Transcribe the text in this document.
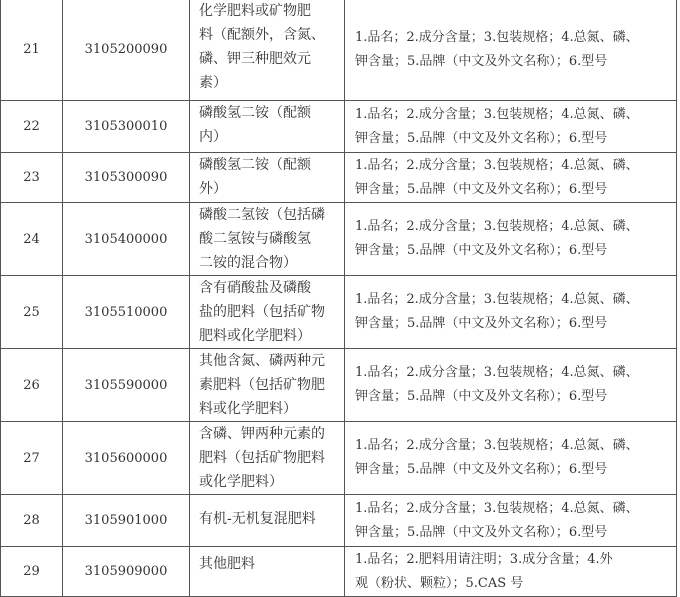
21	3105200090	化学肥料或矿物肥
料（配额外，含氮、
磷、钾三种肥效元
素）	1.品名；2.成分含量；3.包装规格；4.总氮、磷、
钾含量；5.品牌（中文及外文名称）；6.型号

22	3105300010	磷酸氢二铵（配额
内）	1.品名；2.成分含量；3.包装规格；4.总氮、磷、
钾含量；5.品牌（中文及外文名称）；6.型号

23	3105300090	磷酸氢二铵（配额
外）	1.品名；2.成分含量；3.包装规格；4.总氮、磷、
钾含量；5.品牌（中文及外文名称）；6.型号

24	3105400000	磷酸二氢铵（包括磷
酸二氢铵与磷酸氢
二铵的混合物）	1.品名；2.成分含量；3.包装规格；4.总氮、磷、
钾含量；5.品牌（中文及外文名称）；6.型号

25	3105510000	含有硝酸盐及磷酸
盐的肥料（包括矿物
肥料或化学肥料）	1.品名；2.成分含量；3.包装规格；4.总氮、磷、
钾含量；5.品牌（中文及外文名称）；6.型号

26	3105590000	其他含氮、磷两种元
素肥料（包括矿物肥
料或化学肥料）	1.品名；2.成分含量；3.包装规格；4.总氮、磷、
钾含量；5.品牌（中文及外文名称）；6.型号

27	3105600000	含磷、钾两种元素的
肥料（包括矿物肥料
或化学肥料）	1.品名；2.成分含量；3.包装规格；4.总氮、磷、
钾含量；5.品牌（中文及外文名称）；6.型号

28	3105901000	有机-无机复混肥料	1.品名；2.成分含量；3.包装规格；4.总氮、磷、
钾含量；5.品牌（中文及外文名称）；6.型号

29	3105909000	其他肥料	1.品名；2.肥料用请注明；3.成分含量；4.外
观（粉状、颗粒）；5.CAS 号
